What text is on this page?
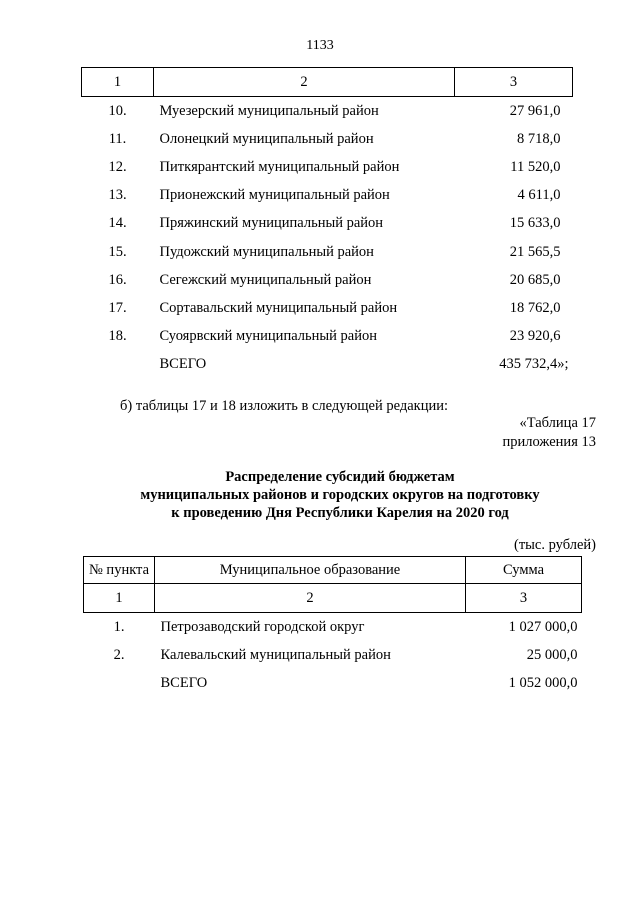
1133
1	2	3
10.	Муезерский муниципальный район	27 961,0
11.	Олонецкий муниципальный район	8 718,0
12.	Питкярантский муниципальный район	11 520,0
13.	Прионежский муниципальный район	4 611,0
14.	Пряжинский муниципальный район	15 633,0
15.	Пудожский муниципальный район	21 565,5
16.	Сегежский муниципальный район	20 685,0
17.	Сортавальский муниципальный район	18 762,0
18.	Суоярвский муниципальный район	23 920,6
	ВСЕГО	435 732,4»;
б) таблицы 17 и 18 изложить в следующей редакции:
«Таблица 17
приложения 13
Распределение субсидий бюджетам
муниципальных районов и городских округов на подготовку
к проведению Дня Республики Карелия на 2020 год
(тыс. рублей)
№ пункта	Муниципальное образование	Сумма
1	2	3
1.	Петрозаводский городской округ	1 027 000,0
2.	Калевальский муниципальный район	25 000,0
	ВСЕГО	1 052 000,0
